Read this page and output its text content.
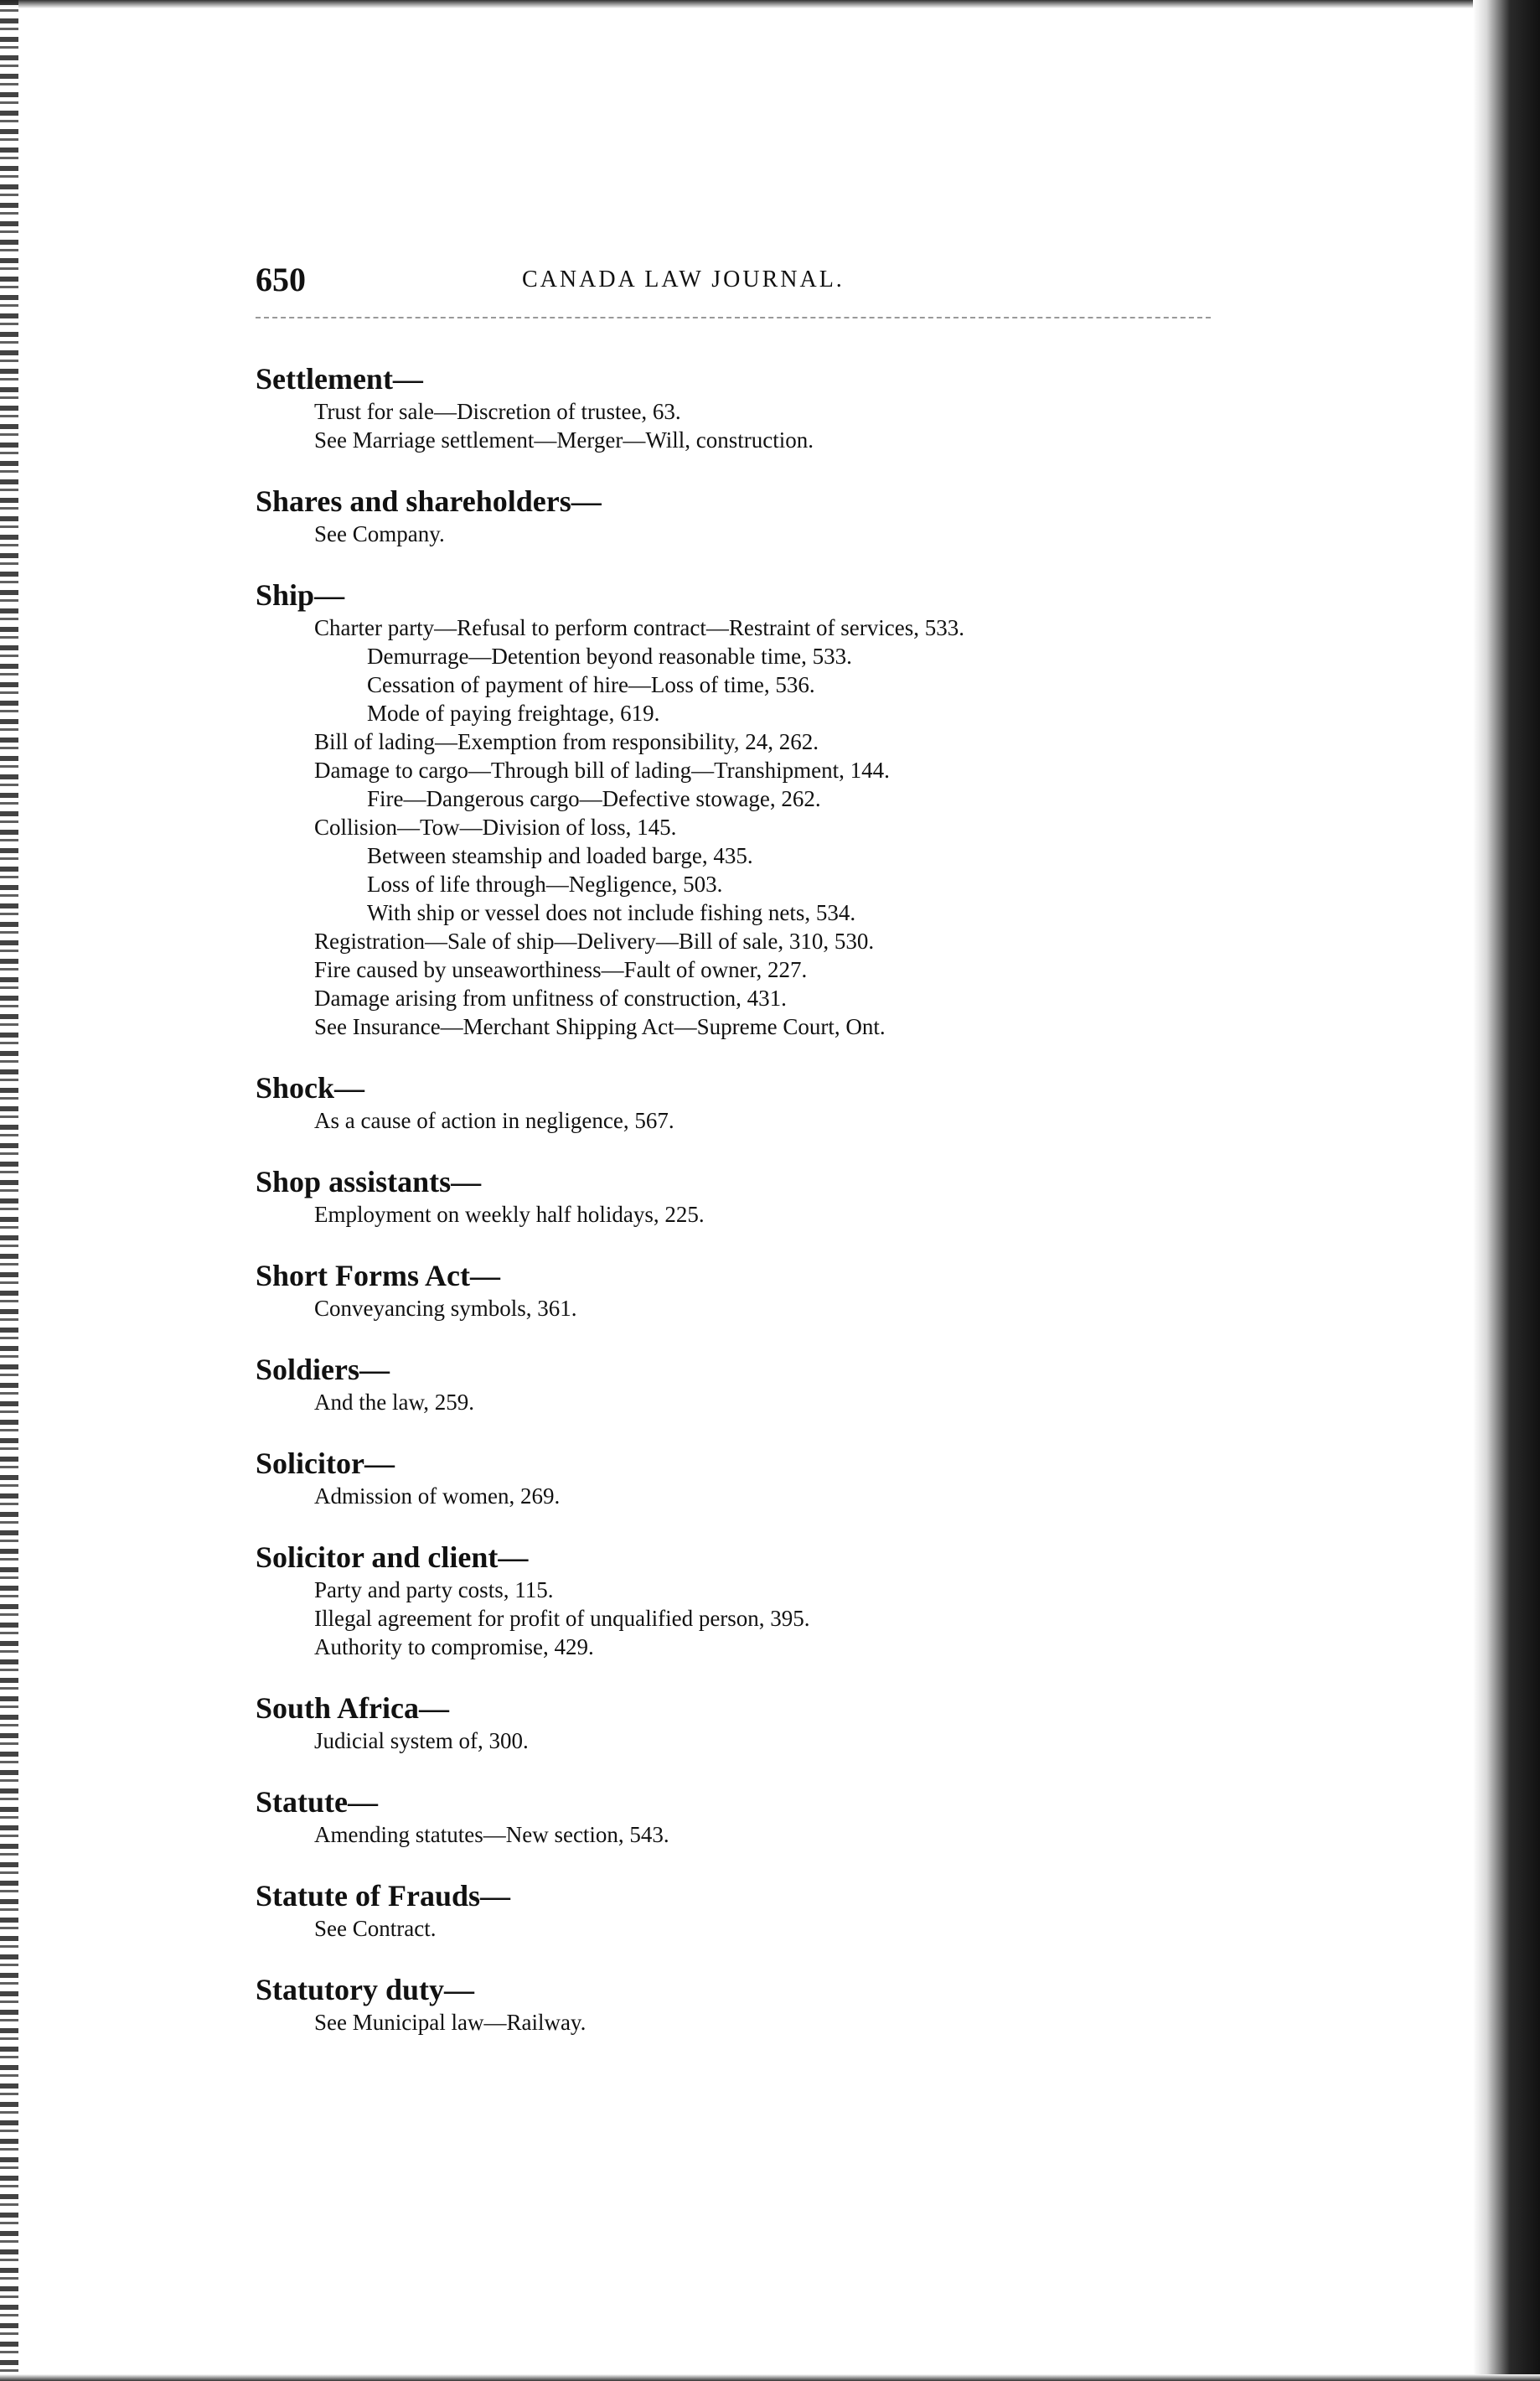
650	CANADA LAW JOURNAL.
Settlement—
Trust for sale—Discretion of trustee, 63.
See Marriage settlement—Merger—Will, construction.
Shares and shareholders—
See Company.
Ship—
Charter party—Refusal to perform contract—Restraint of services, 533.
Demurrage—Detention beyond reasonable time, 533.
Cessation of payment of hire—Loss of time, 536.
Mode of paying freightage, 619.
Bill of lading—Exemption from responsibility, 24, 262.
Damage to cargo—Through bill of lading—Transhipment, 144.
Fire—Dangerous cargo—Defective stowage, 262.
Collision—Tow—Division of loss, 145.
Between steamship and loaded barge, 435.
Loss of life through—Negligence, 503.
With ship or vessel does not include fishing nets, 534.
Registration—Sale of ship—Delivery—Bill of sale, 310, 530.
Fire caused by unseaworthiness—Fault of owner, 227.
Damage arising from unfitness of construction, 431.
See Insurance—Merchant Shipping Act—Supreme Court, Ont.
Shock—
As a cause of action in negligence, 567.
Shop assistants—
Employment on weekly half holidays, 225.
Short Forms Act—
Conveyancing symbols, 361.
Soldiers—
And the law, 259.
Solicitor—
Admission of women, 269.
Solicitor and client—
Party and party costs, 115.
Illegal agreement for profit of unqualified person, 395.
Authority to compromise, 429.
South Africa—
Judicial system of, 300.
Statute—
Amending statutes—New section, 543.
Statute of Frauds—
See Contract.
Statutory duty—
See Municipal law—Railway.
